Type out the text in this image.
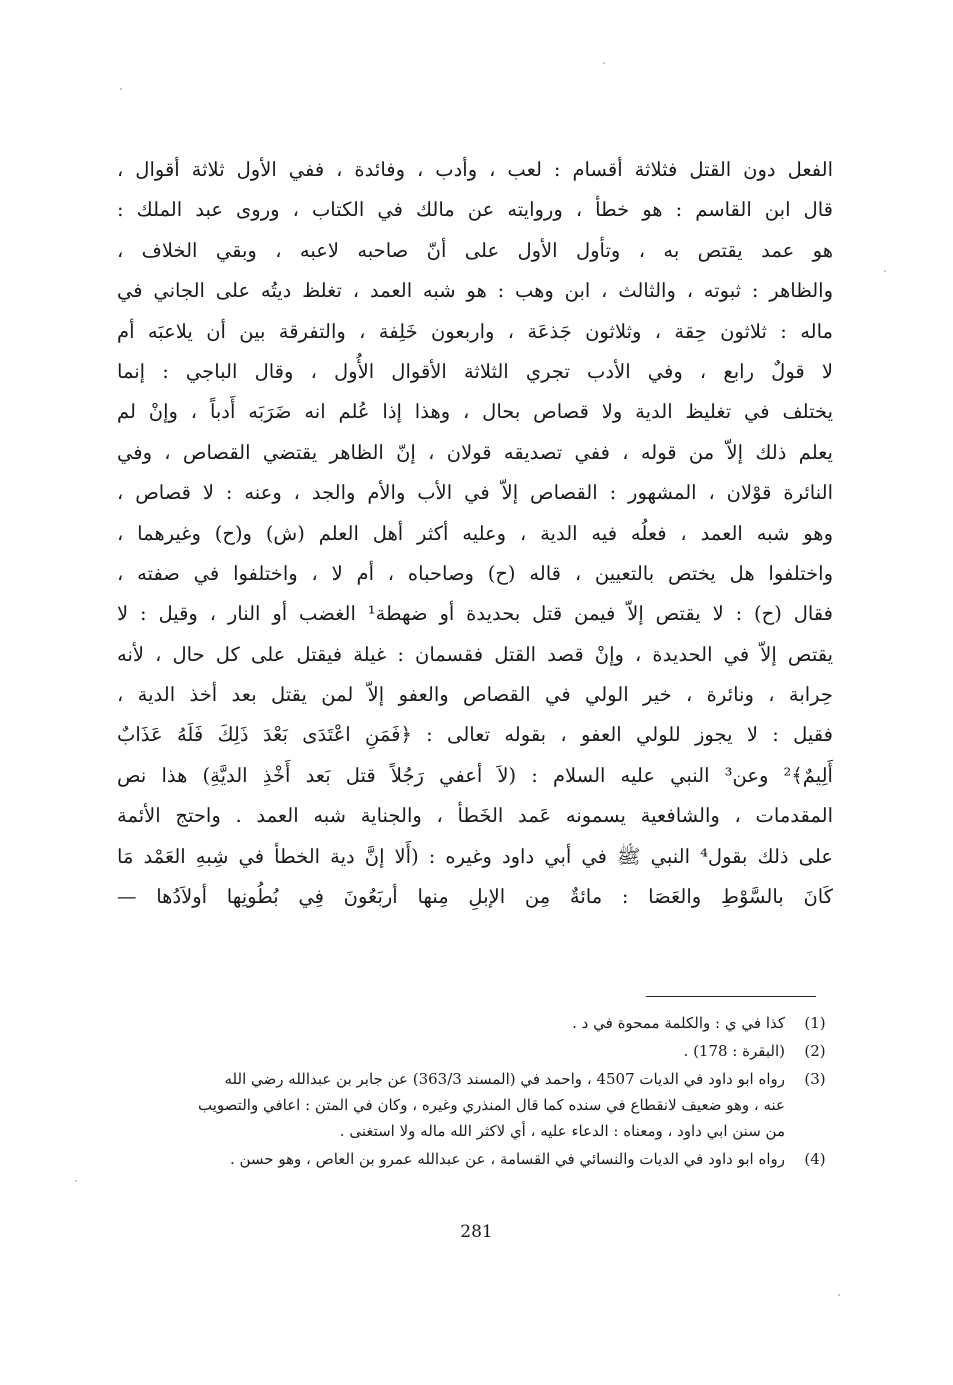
الفعل دون القتل فثلاثة أقسام : لعب ، وأدب ، وفائدة ، ففي الأول ثلاثة أقوال ،
قال ابن القاسم : هو خطأ ، وروايته عن مالك في الكتاب ، وروى عبد الملك :
هو عمد يقتص به ، وتأول الأول على أنّ صاحبه لاعبه ، وبقي الخلاف ،
والظاهر : ثبوته ، والثالث ، ابن وهب : هو شبه العمد ، تغلظ ديتُه على الجاني في
ماله : ثلاثون حِقة ، وثلاثون جَذعَة ، واربعون خَلِفة ، والتفرقة بين أن يلاعبَه أم
لا قولٌ رابع ، وفي الأدب تجري الثلاثة الأقوال الأُول ، وقال الباجي : إنما
يختلف في تغليظ الدية ولا قصاص بحال ، وهذا إذا عُلم انه ضَرَبَه أَدباً ، وإنْ لم
يعلم ذلك إلاّ من قوله ، ففي تصديقه قولان ، إنّ الظاهر يقتضي القصاص ، وفي
النائرة قوْلان ، المشهور : القصاص إلاّ في الأب والأم والجد ، وعنه : لا قصاص ،
وهو شبه العمد ، فعلُه فيه الدية ، وعليه أكثر أهل العلم (ش) و(ح) وغيرهما ،
واختلفوا هل يختص بالتعيين ، قاله (ح) وصاحباه ، أم لا ، واختلفوا في صفته ،
فقال (ح) : لا يقتص إلاّ فيمن قتل بحديدة أو ضهطة¹ الغضب أو النار ، وقيل : لا
يقتص إلاّ في الحديدة ، وإنْ قصد القتل فقسمان : غيلة فيقتل على كل حال ، لأنه
حِرابة ، ونائرة ، خير الولي في القصاص والعفو إلاّ لمن يقتل بعد أخذ الدية ،
فقيل : لا يجوز للولي العفو ، بقوله تعالى : ﴿فَمَنِ اعْتَدَى بَعْدَ ذَلِكَ فَلَهُ عَذَابٌ
أَلِيمٌ﴾² وعن³ النبي عليه السلام : (لاَ أعفي رَجُلاً قتل بَعد أَخْذِ الديَّةِ) هذا نص
المقدمات ، والشافعية يسمونه عَمد الخَطأ ، والجناية شبه العمد . واحتج الأئمة
على ذلك بقول⁴ النبي ﷺ في أبي داود وغيره : (أَلا إنَّ دية الخطأ في شِبهِ العَمْد مَا
كَانَ بالسَّوْطِ والعَصَا : مائةٌ مِن الإبلِ مِنها أربَعُونَ فِي بُطُونِها أولاَدُها —
(1)
كذا في ي : والكلمة ممحوة في د .
(2)
(البقرة : 178) .
(3)
رواه ابو داود في الديات 4507 ، واحمد في (المسند 363/3) عن جابر بن عبدالله رضي الله
عنه ، وهو ضعيف لانقطاع في سنده كما قال المنذري وغيره ، وكان في المتن : اعافي والتصويب
من سنن ابي داود ، ومعناه : الدعاء عليه ، أي لاكثر الله ماله ولا استغنى .
(4)
رواه ابو داود في الديات والنسائي في القسامة ، عن عبدالله عمرو بن العاص ، وهو حسن .
281
